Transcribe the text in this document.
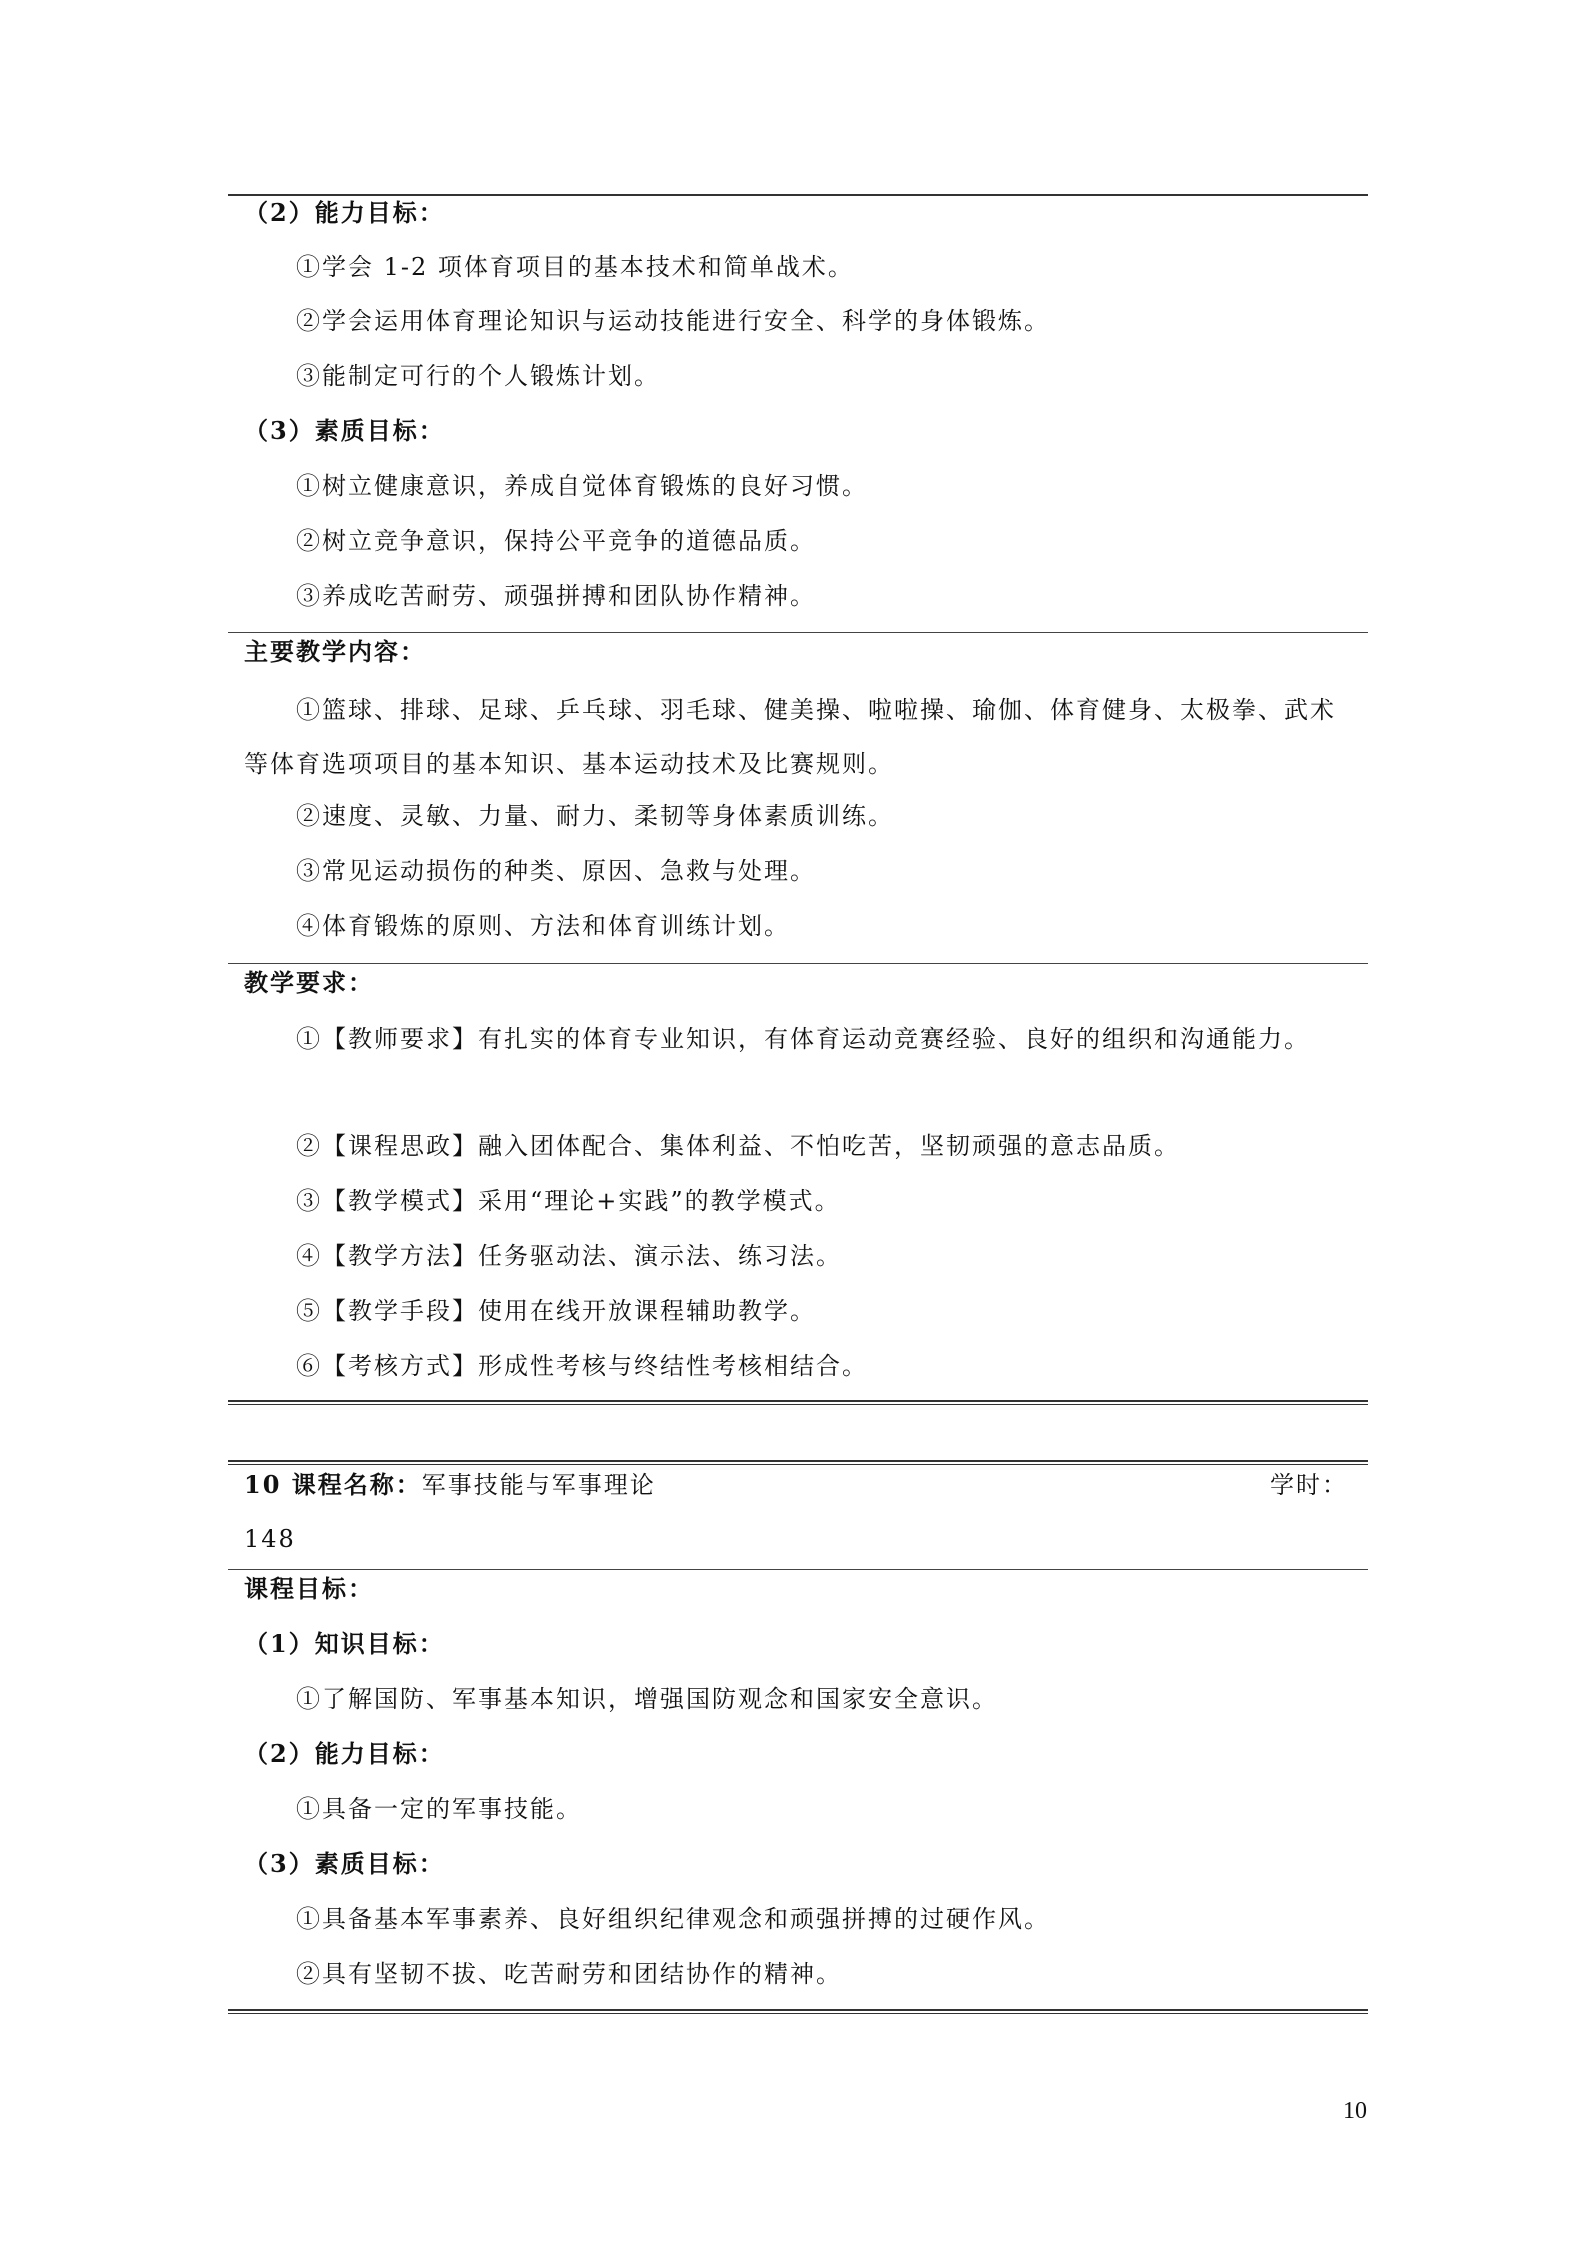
（2）能力目标：
①学会 1-2 项体育项目的基本技术和简单战术。
②学会运用体育理论知识与运动技能进行安全、科学的身体锻炼。
③能制定可行的个人锻炼计划。
（3）素质目标：
①树立健康意识，养成自觉体育锻炼的良好习惯。
②树立竞争意识，保持公平竞争的道德品质。
③养成吃苦耐劳、顽强拼搏和团队协作精神。
主要教学内容：
①篮球、排球、足球、乒乓球、羽毛球、健美操、啦啦操、瑜伽、体育健身、太极拳、武术等体育选项项目的基本知识、基本运动技术及比赛规则。
②速度、灵敏、力量、耐力、柔韧等身体素质训练。
③常见运动损伤的种类、原因、急救与处理。
④体育锻炼的原则、方法和体育训练计划。
教学要求：
①【教师要求】有扎实的体育专业知识，有体育运动竞赛经验、良好的组织和沟通能力。
②【课程思政】融入团体配合、集体利益、不怕吃苦，坚韧顽强的意志品质。
③【教学模式】采用“理论+实践”的教学模式。
④【教学方法】任务驱动法、演示法、练习法。
⑤【教学手段】使用在线开放课程辅助教学。
⑥【考核方式】形成性考核与终结性考核相结合。
10 课程名称：军事技能与军事理论	学时：
148
课程目标：
（1）知识目标：
①了解国防、军事基本知识，增强国防观念和国家安全意识。
（2）能力目标：
①具备一定的军事技能。
（3）素质目标：
①具备基本军事素养、良好组织纪律观念和顽强拼搏的过硬作风。
②具有坚韧不拔、吃苦耐劳和团结协作的精神。
10
